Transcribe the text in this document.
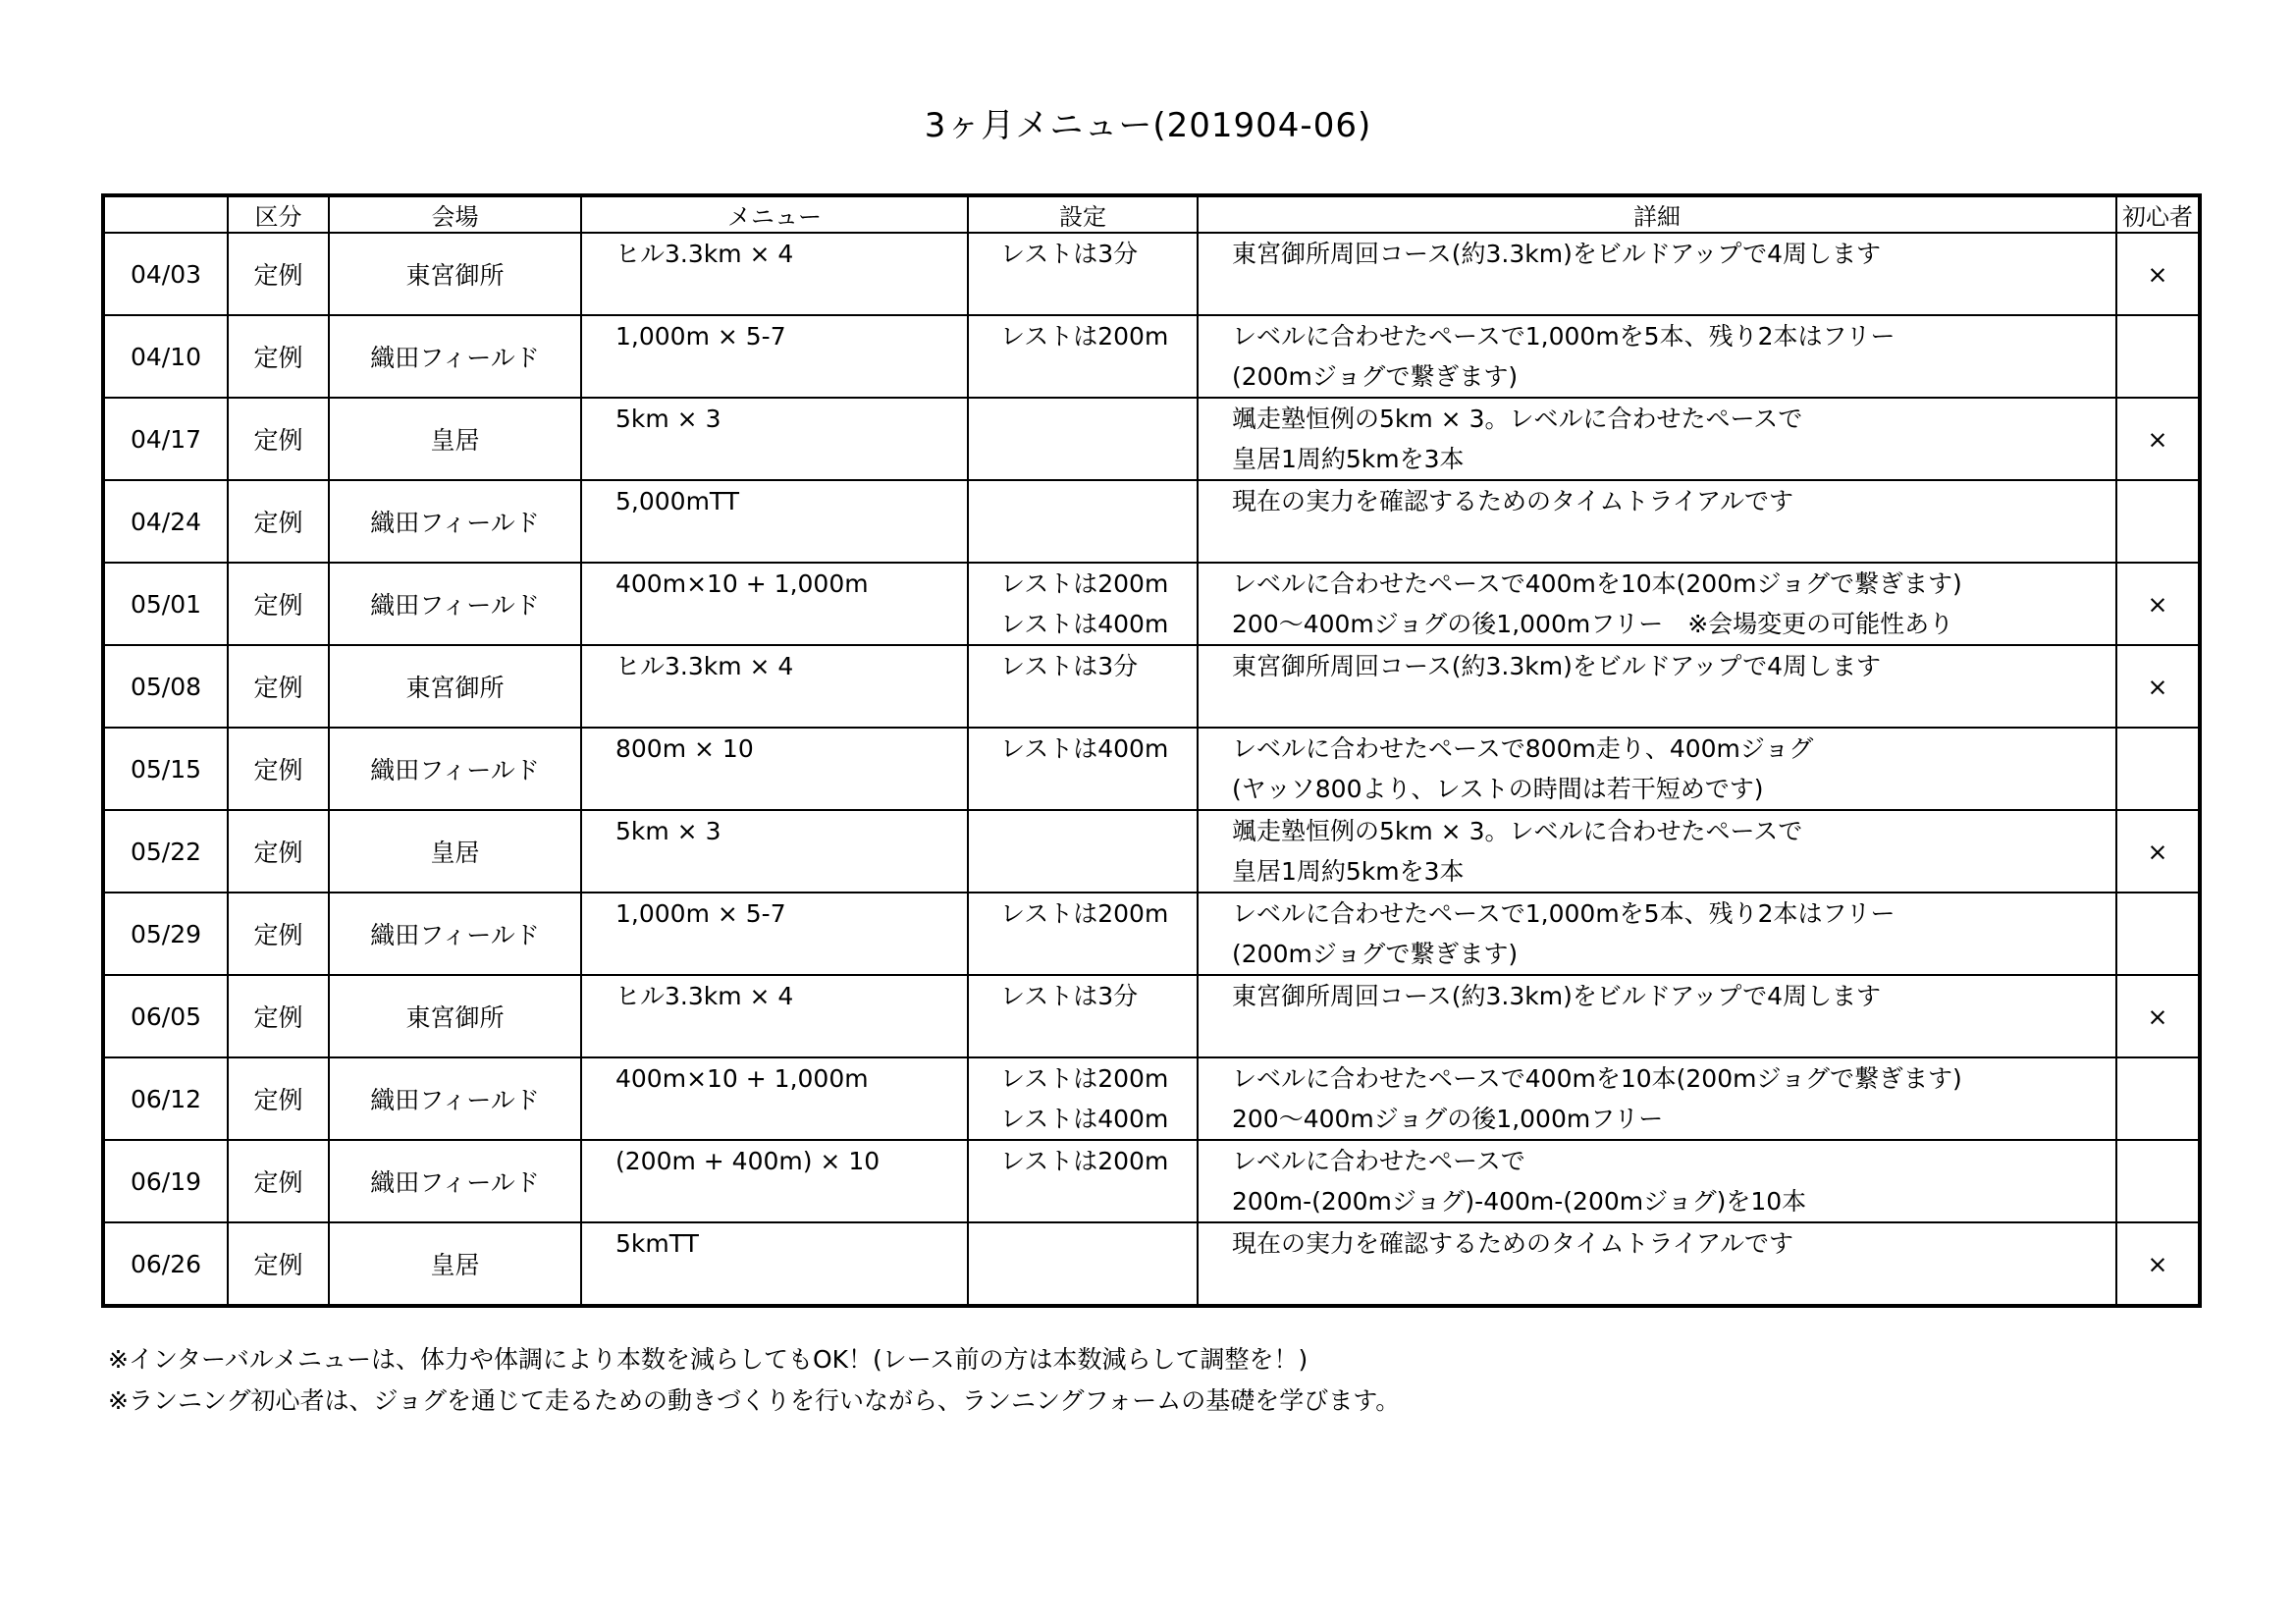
3ヶ月メニュー(201904-06)
	区分	会場	メニュー	設定	詳細	初心者
04/03	定例	東宮御所	ヒル3.3km × 4	レストは3分	東宮御所周回コース(約3.3km)をビルドアップで4周します	×
04/10	定例	織田フィールド	1,000m × 5-7	レストは200m	レベルに合わせたペースで1,000mを5本、残り2本はフリー
(200mジョグで繋ぎます)	

04/17	定例	皇居	5km × 3		颯走塾恒例の5km × 3。レベルに合わせたペースで
皇居1周約5kmを3本	×
04/24	定例	織田フィールド	5,000mTT		現在の実力を確認するためのタイムトライアルです	

05/01	定例	織田フィールド	400m×10 + 1,000m	レストは200m
レストは400m	レベルに合わせたペースで400mを10本(200mジョグで繋ぎます)
200〜400mジョグの後1,000mフリー　※会場変更の可能性あり	×
05/08	定例	東宮御所	ヒル3.3km × 4	レストは3分	東宮御所周回コース(約3.3km)をビルドアップで4周します	×
05/15	定例	織田フィールド	800m × 10	レストは400m	レベルに合わせたペースで800m走り、400mジョグ
(ヤッソ800より、レストの時間は若干短めです)	

05/22	定例	皇居	5km × 3		颯走塾恒例の5km × 3。レベルに合わせたペースで
皇居1周約5kmを3本	×
05/29	定例	織田フィールド	1,000m × 5-7	レストは200m	レベルに合わせたペースで1,000mを5本、残り2本はフリー
(200mジョグで繋ぎます)	

06/05	定例	東宮御所	ヒル3.3km × 4	レストは3分	東宮御所周回コース(約3.3km)をビルドアップで4周します	×
06/12	定例	織田フィールド	400m×10 + 1,000m	レストは200m
レストは400m	レベルに合わせたペースで400mを10本(200mジョグで繋ぎます)
200〜400mジョグの後1,000mフリー	

06/19	定例	織田フィールド	(200m + 400m) × 10	レストは200m	レベルに合わせたペースで
200m-(200mジョグ)-400m-(200mジョグ)を10本	

06/26	定例	皇居	5kmTT		現在の実力を確認するためのタイムトライアルです	×
※インターバルメニューは、体力や体調により本数を減らしてもOK！(レース前の方は本数減らして調整を！)
※ランニング初心者は、ジョグを通じて走るための動きづくりを行いながら、ランニングフォームの基礎を学びます。
